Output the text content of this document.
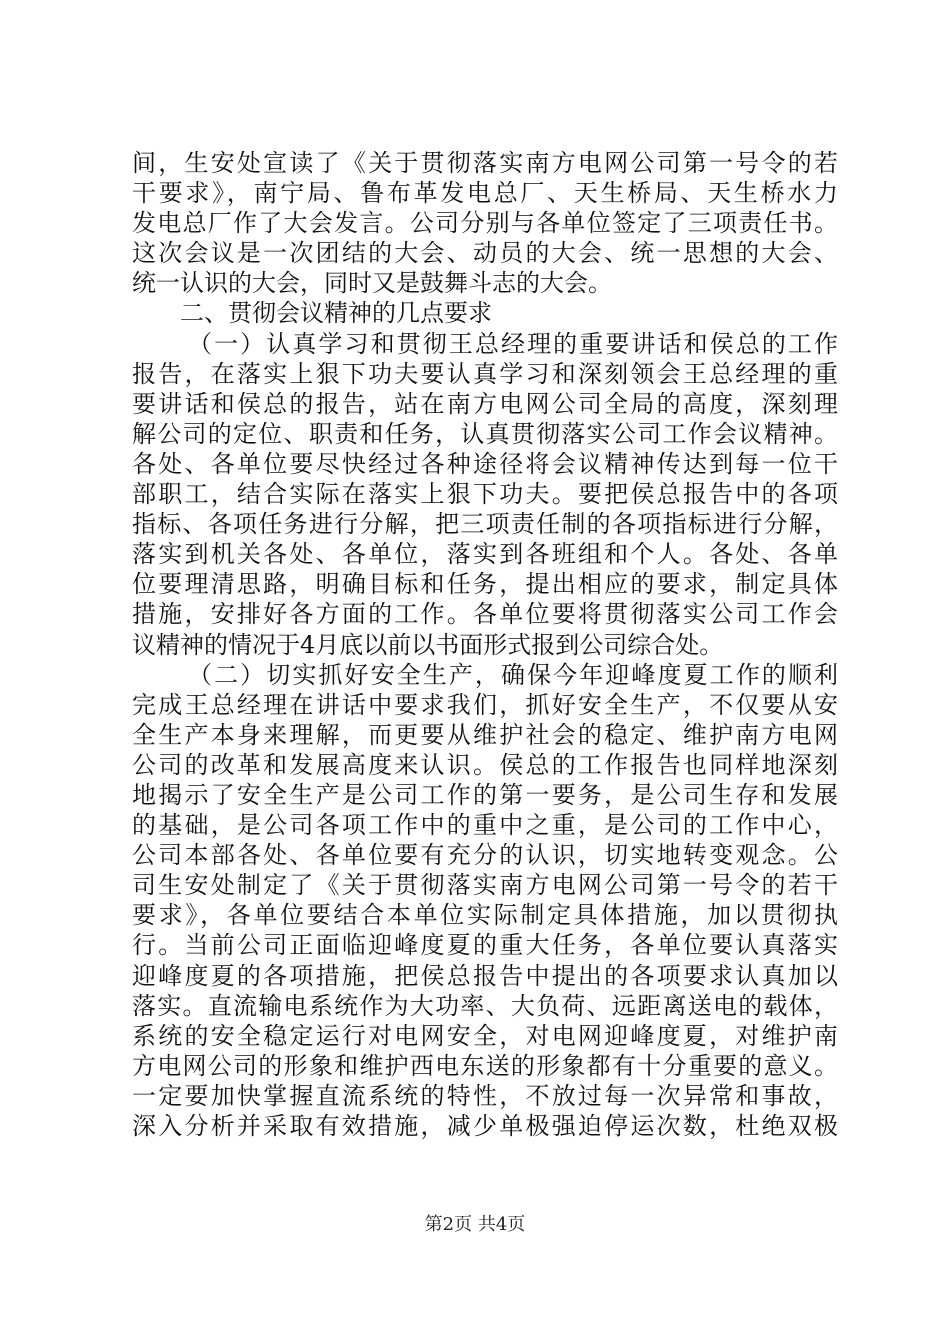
间，生安处宣读了《关于贯彻落实南方电网公司第一号令的若
干要求》，南宁局、鲁布革发电总厂、天生桥局、天生桥水力
发电总厂作了大会发言。公司分别与各单位签定了三项责任书。
这次会议是一次团结的大会、动员的大会、统一思想的大会、
统一认识的大会，同时又是鼓舞斗志的大会。
二、贯彻会议精神的几点要求
（一）认真学习和贯彻王总经理的重要讲话和侯总的工作
报告，在落实上狠下功夫要认真学习和深刻领会王总经理的重
要讲话和侯总的报告，站在南方电网公司全局的高度，深刻理
解公司的定位、职责和任务，认真贯彻落实公司工作会议精神。
各处、各单位要尽快经过各种途径将会议精神传达到每一位干
部职工，结合实际在落实上狠下功夫。要把侯总报告中的各项
指标、各项任务进行分解，把三项责任制的各项指标进行分解，
落实到机关各处、各单位，落实到各班组和个人。各处、各单
位要理清思路，明确目标和任务，提出相应的要求，制定具体
措施，安排好各方面的工作。各单位要将贯彻落实公司工作会
议精神的情况于4月底以前以书面形式报到公司综合处。
（二）切实抓好安全生产，确保今年迎峰度夏工作的顺利
完成王总经理在讲话中要求我们，抓好安全生产，不仅要从安
全生产本身来理解，而更要从维护社会的稳定、维护南方电网
公司的改革和发展高度来认识。侯总的工作报告也同样地深刻
地揭示了安全生产是公司工作的第一要务，是公司生存和发展
的基础，是公司各项工作中的重中之重，是公司的工作中心，
公司本部各处、各单位要有充分的认识，切实地转变观念。公
司生安处制定了《关于贯彻落实南方电网公司第一号令的若干
要求》，各单位要结合本单位实际制定具体措施，加以贯彻执
行。当前公司正面临迎峰度夏的重大任务，各单位要认真落实
迎峰度夏的各项措施，把侯总报告中提出的各项要求认真加以
落实。直流输电系统作为大功率、大负荷、远距离送电的载体，
系统的安全稳定运行对电网安全，对电网迎峰度夏，对维护南
方电网公司的形象和维护西电东送的形象都有十分重要的意义。
一定要加快掌握直流系统的特性，不放过每一次异常和事故，
深入分析并采取有效措施，减少单极强迫停运次数，杜绝双极
第2页 共4页
